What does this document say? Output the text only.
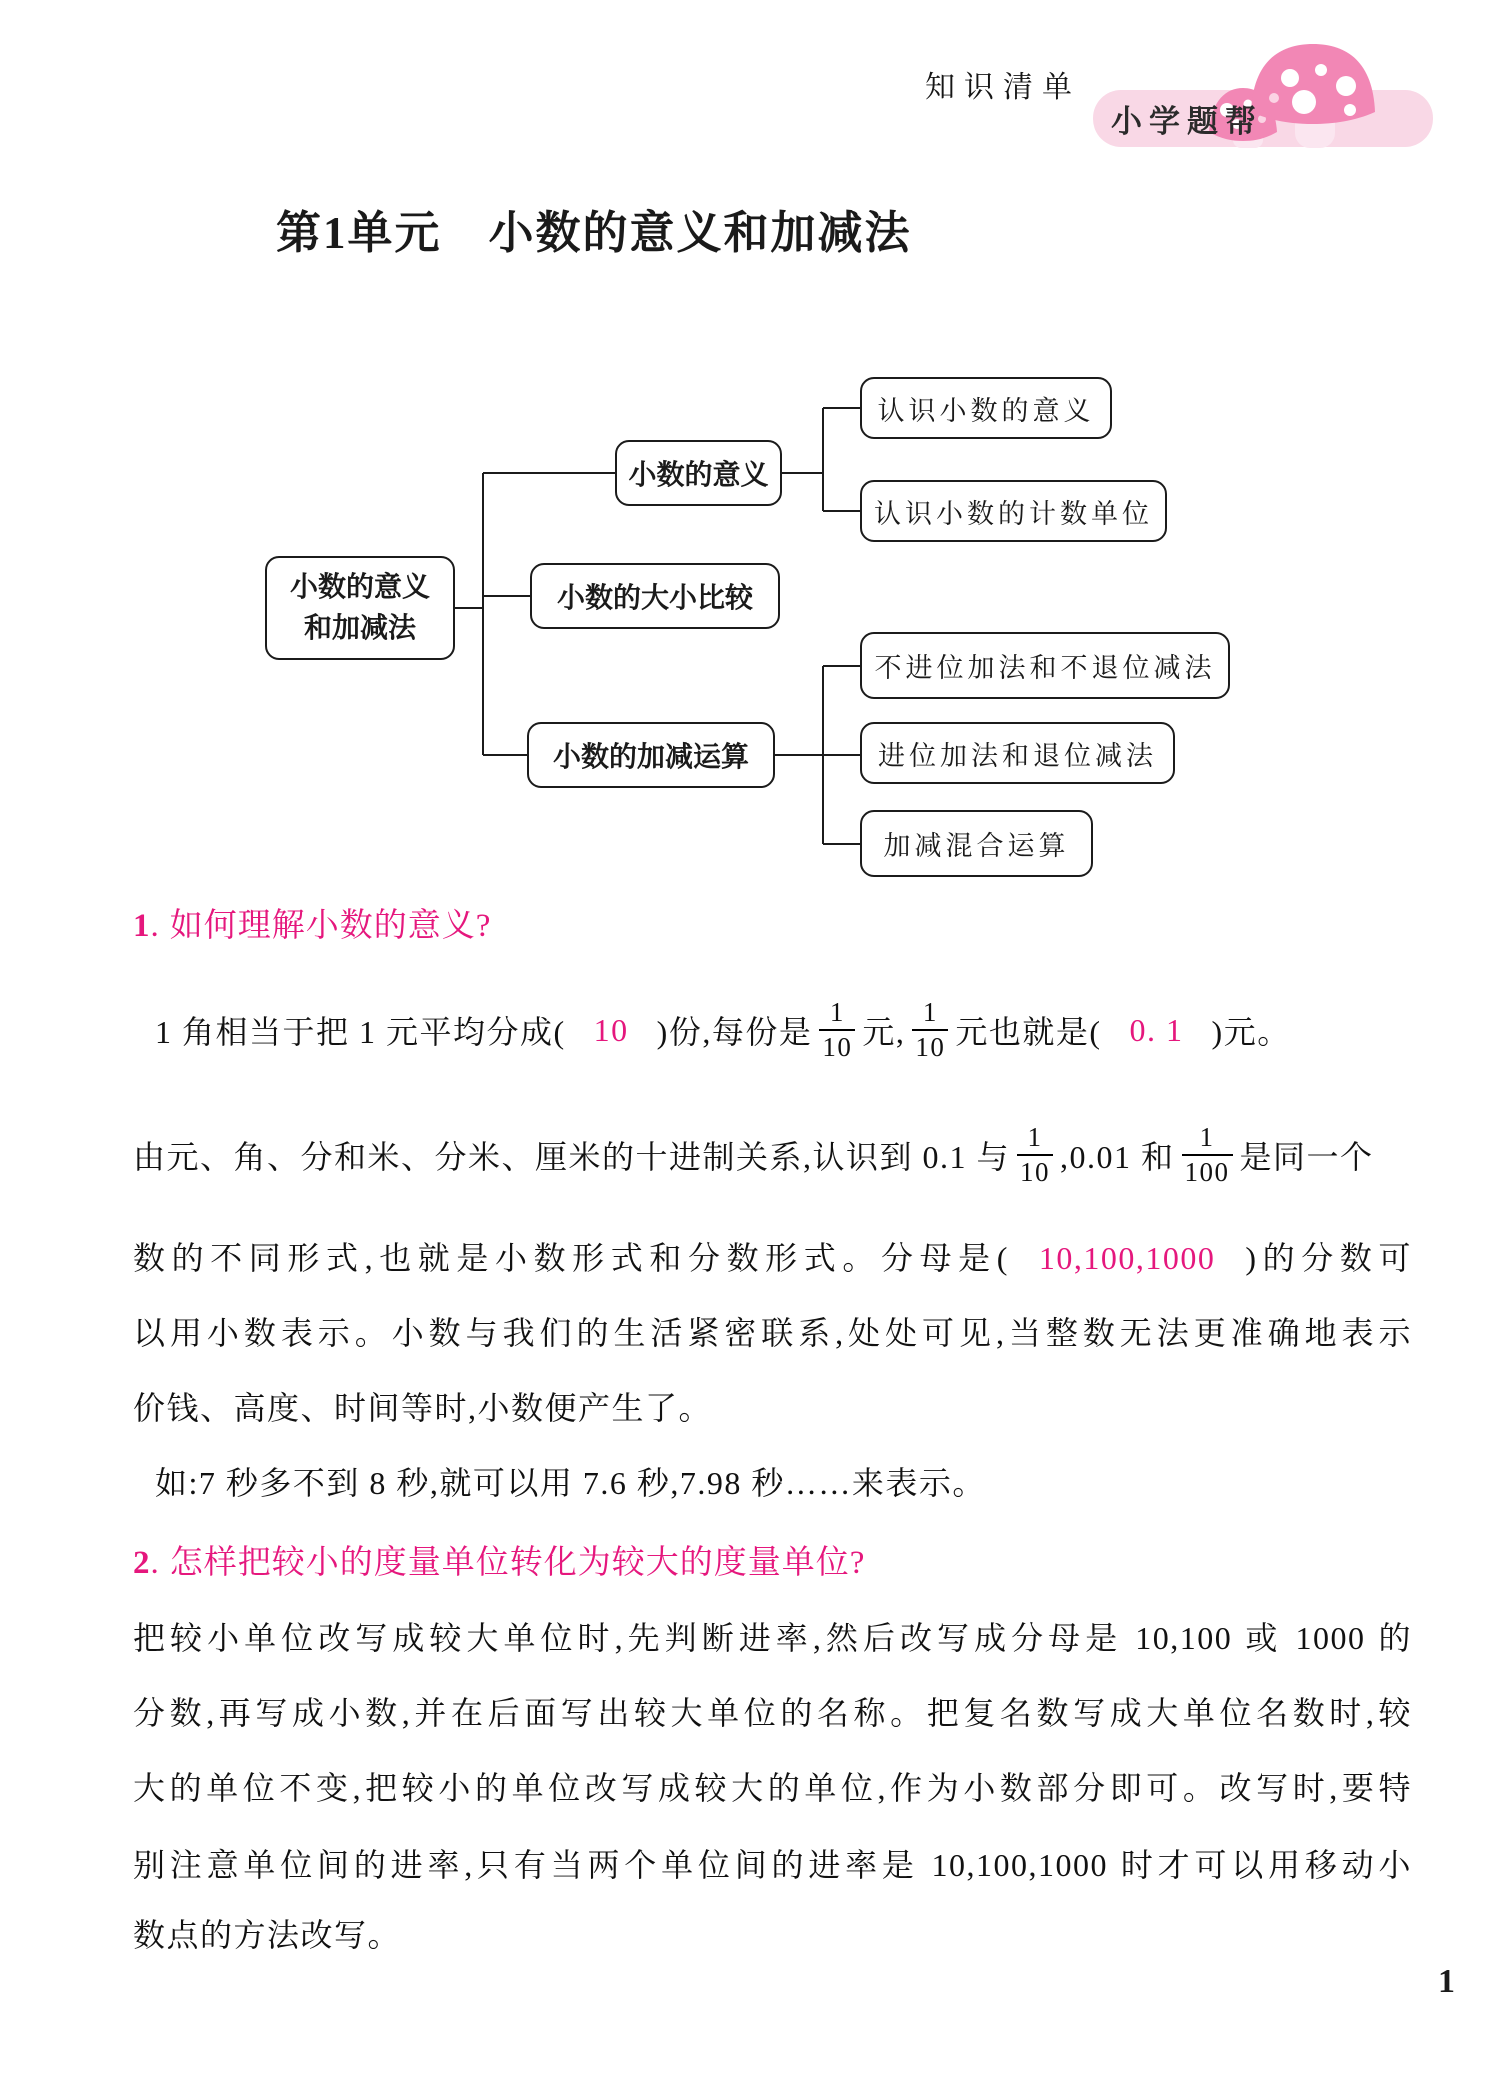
知识清单
小学题帮
第1单元　小数的意义和加减法
小数的意义
和加减法
小数的意义
小数的大小比较
小数的加减运算
认识小数的意义
认识小数的计数单位
不进位加法和不退位减法
进位加法和退位减法
加减混合运算
1. 如何理解小数的意义?
1 角相当于把 1 元平均分成( 10 )份,每份是 $\frac{1}{10}$ 元, $\frac{1}{10}$ 元也就是( 0. 1 )元。
由元、角、分和米、分米、厘米的十进制关系,认识到 0.1 与 $\frac{1}{10} ,0.01$ 和 $\frac{1}{100}$ 是同一个
数的不同形式,也就是小数形式和分数形式。分母是( 10,100,1000 )的分数可
以用小数表示。小数与我们的生活紧密联系,处处可见,当整数无法更准确地表示
价钱、高度、时间等时,小数便产生了。
如:7 秒多不到 8 秒,就可以用 7.6 秒,7.98 秒……来表示。
2. 怎样把较小的度量单位转化为较大的度量单位?
把较小单位改写成较大单位时,先判断进率,然后改写成分母是 10,100 或 1000 的
分数,再写成小数,并在后面写出较大单位的名称。把复名数写成大单位名数时,较
大的单位不变,把较小的单位改写成较大的单位,作为小数部分即可。改写时,要特
别注意单位间的进率,只有当两个单位间的进率是 10,100,1000 时才可以用移动小
数点的方法改写。
1
